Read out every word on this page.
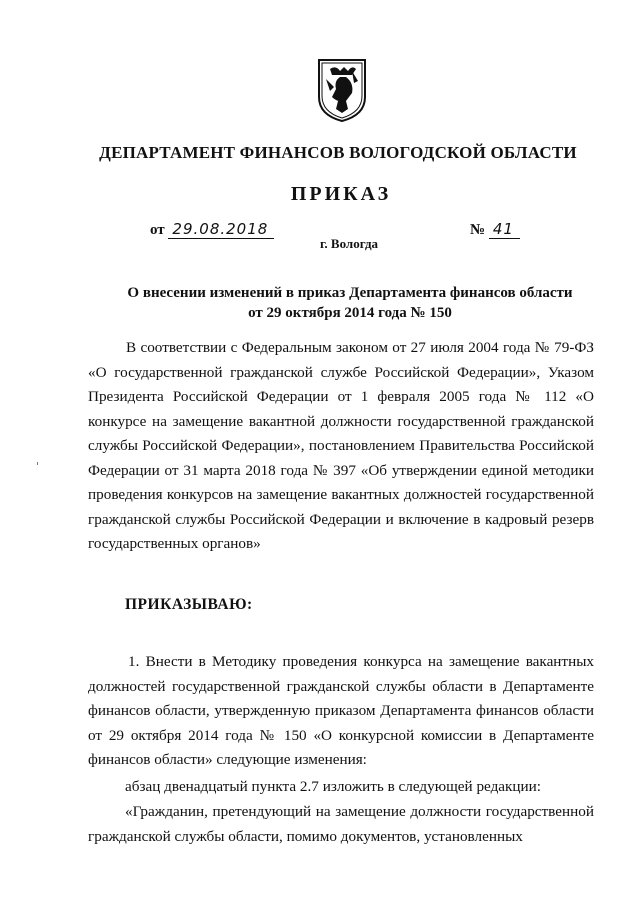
ДЕПАРТАМЕНТ ФИНАНСОВ ВОЛОГОДСКОЙ ОБЛАСТИ
ПРИКАЗ
от 29.08.2018	№ 41
г. Вологда
О внесении изменений в приказ Департамента финансов области
от 29 октября 2014 года № 150
В соответствии с Федеральным законом от 27 июля 2004 года № 79-ФЗ «О государственной гражданской службе Российской Федерации», Указом Президента Российской Федерации от 1 февраля 2005 года № 112 «О конкурсе на замещение вакантной должности государственной гражданской службы Российской Федерации», постановлением Правительства Российской Федерации от 31 марта 2018 года № 397 «Об утверждении единой методики проведения конкурсов на замещение вакантных должностей государственной гражданской службы Российской Федерации и включение в кадровый резерв государственных органов»
ПРИКАЗЫВАЮ:
1. Внести в Методику проведения конкурса на замещение вакантных должностей государственной гражданской службы области в Департаменте финансов области, утвержденную приказом Департамента финансов области от 29 октября 2014 года № 150 «О конкурсной комиссии в Департаменте финансов области» следующие изменения:
абзац двенадцатый пункта 2.7 изложить в следующей редакции:
«Гражданин, претендующий на замещение должности государственной гражданской службы области, помимо документов, установленных
